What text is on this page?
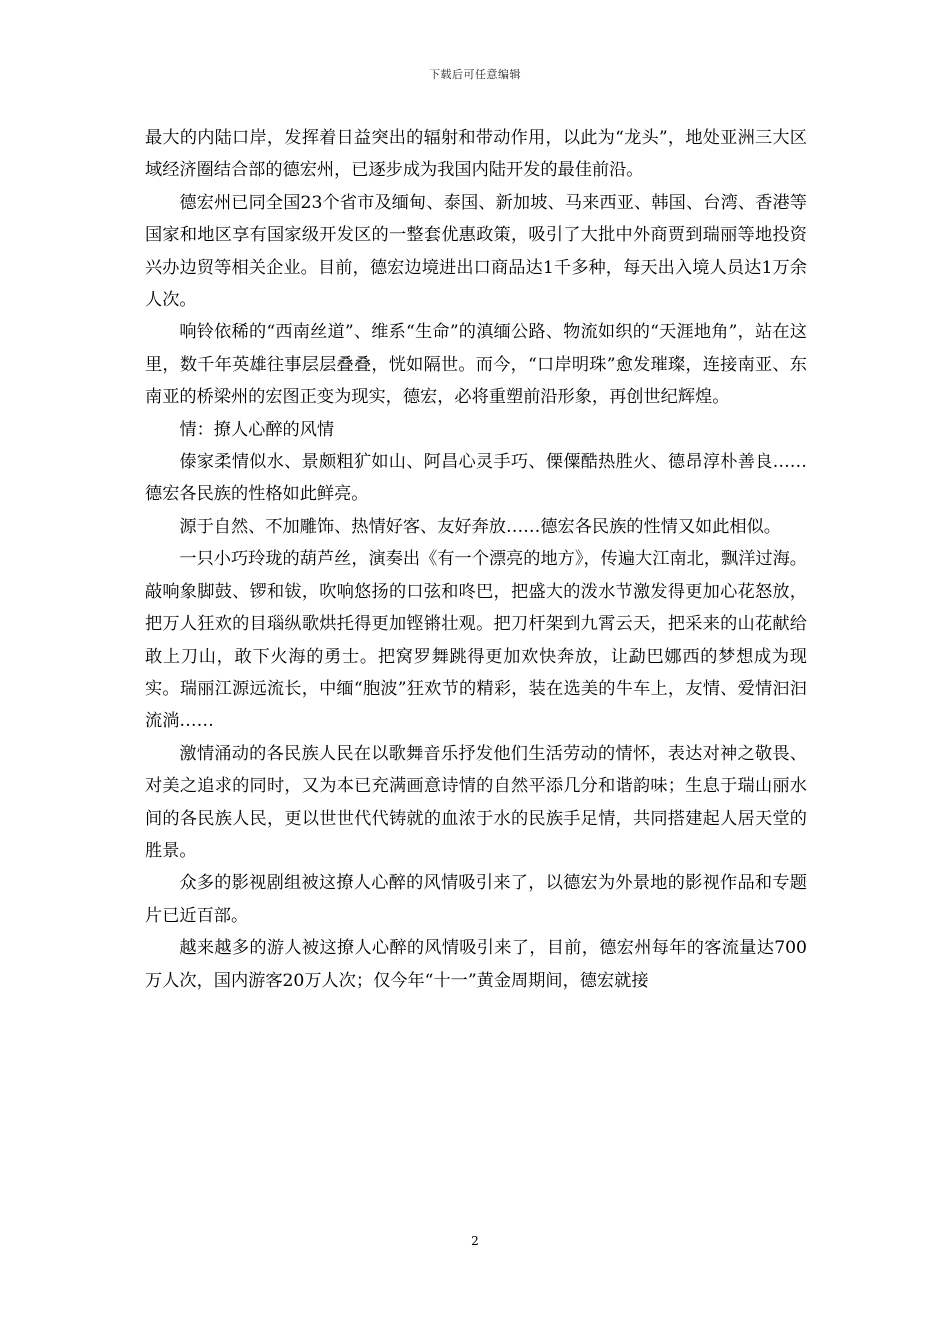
下载后可任意编辑

最大的内陆口岸，发挥着日益突出的辐射和带动作用，以此为“龙头”，地处亚洲三大区域经济圈结合部的德宏州，已逐步成为我国内陆开发的最佳前沿。

德宏州已同全国23个省市及缅甸、泰国、新加坡、马来西亚、韩国、台湾、香港等国家和地区享有国家级开发区的一整套优惠政策，吸引了大批中外商贾到瑞丽等地投资兴办边贸等相关企业。目前，德宏边境进出口商品达1千多种，每天出入境人员达1万余人次。

响铃依稀的“西南丝道”、维系“生命”的滇缅公路、物流如织的“天涯地角”，站在这里，数千年英雄往事层层叠叠，恍如隔世。而今，“口岸明珠”愈发璀璨，连接南亚、东南亚的桥梁州的宏图正变为现实，德宏，必将重塑前沿形象，再创世纪辉煌。

情：撩人心醉的风情

傣家柔情似水、景颇粗犷如山、阿昌心灵手巧、傈僳酷热胜火、德昂淳朴善良……德宏各民族的性格如此鲜亮。

源于自然、不加雕饰、热情好客、友好奔放……德宏各民族的性情又如此相似。

一只小巧玲珑的葫芦丝，演奏出《有一个漂亮的地方》，传遍大江南北，飘洋过海。敲响象脚鼓、锣和钹，吹响悠扬的口弦和咚巴，把盛大的泼水节激发得更加心花怒放，把万人狂欢的目瑙纵歌烘托得更加铿锵壮观。把刀杆架到九霄云天，把采来的山花献给敢上刀山，敢下火海的勇士。把窝罗舞跳得更加欢快奔放，让勐巴娜西的梦想成为现实。瑞丽江源远流长，中缅“胞波”狂欢节的精彩，装在选美的牛车上，友情、爱情汩汩流淌……

激情涌动的各民族人民在以歌舞音乐抒发他们生活劳动的情怀，表达对神之敬畏、对美之追求的同时，又为本已充满画意诗情的自然平添几分和谐韵味；生息于瑞山丽水间的各民族人民，更以世世代代铸就的血浓于水的民族手足情，共同搭建起人居天堂的胜景。

众多的影视剧组被这撩人心醉的风情吸引来了，以德宏为外景地的影视作品和专题片已近百部。

越来越多的游人被这撩人心醉的风情吸引来了，目前，德宏州每年的客流量达700万人次，国内游客20万人次；仅今年“十一”黄金周期间，德宏就接

2
